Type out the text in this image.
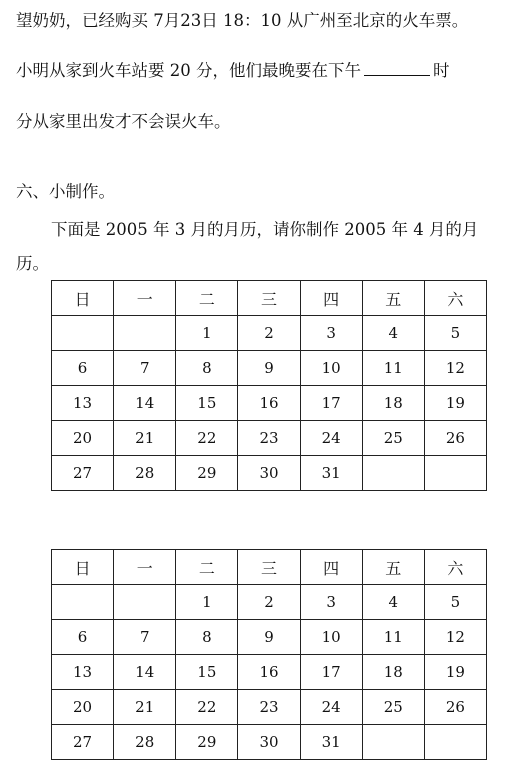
望奶奶，已经购买 7月23日 18：10 从广州至北京的火车票。
小明从家到火车站要 20 分，他们最晚要在下午	时
分从家里出发才不会误火车。
六、小制作。
下面是 2005 年 3 月的月历，请你制作 2005 年 4 月的月
历。
日	一	二	三	四	五	六
		1	2	3	4	5
6	7	8	9	10	11	12
13	14	15	16	17	18	19
20	21	22	23	24	25	26
27	28	29	30	31		
日	一	二	三	四	五	六
		1	2	3	4	5
6	7	8	9	10	11	12
13	14	15	16	17	18	19
20	21	22	23	24	25	26
27	28	29	30	31		
